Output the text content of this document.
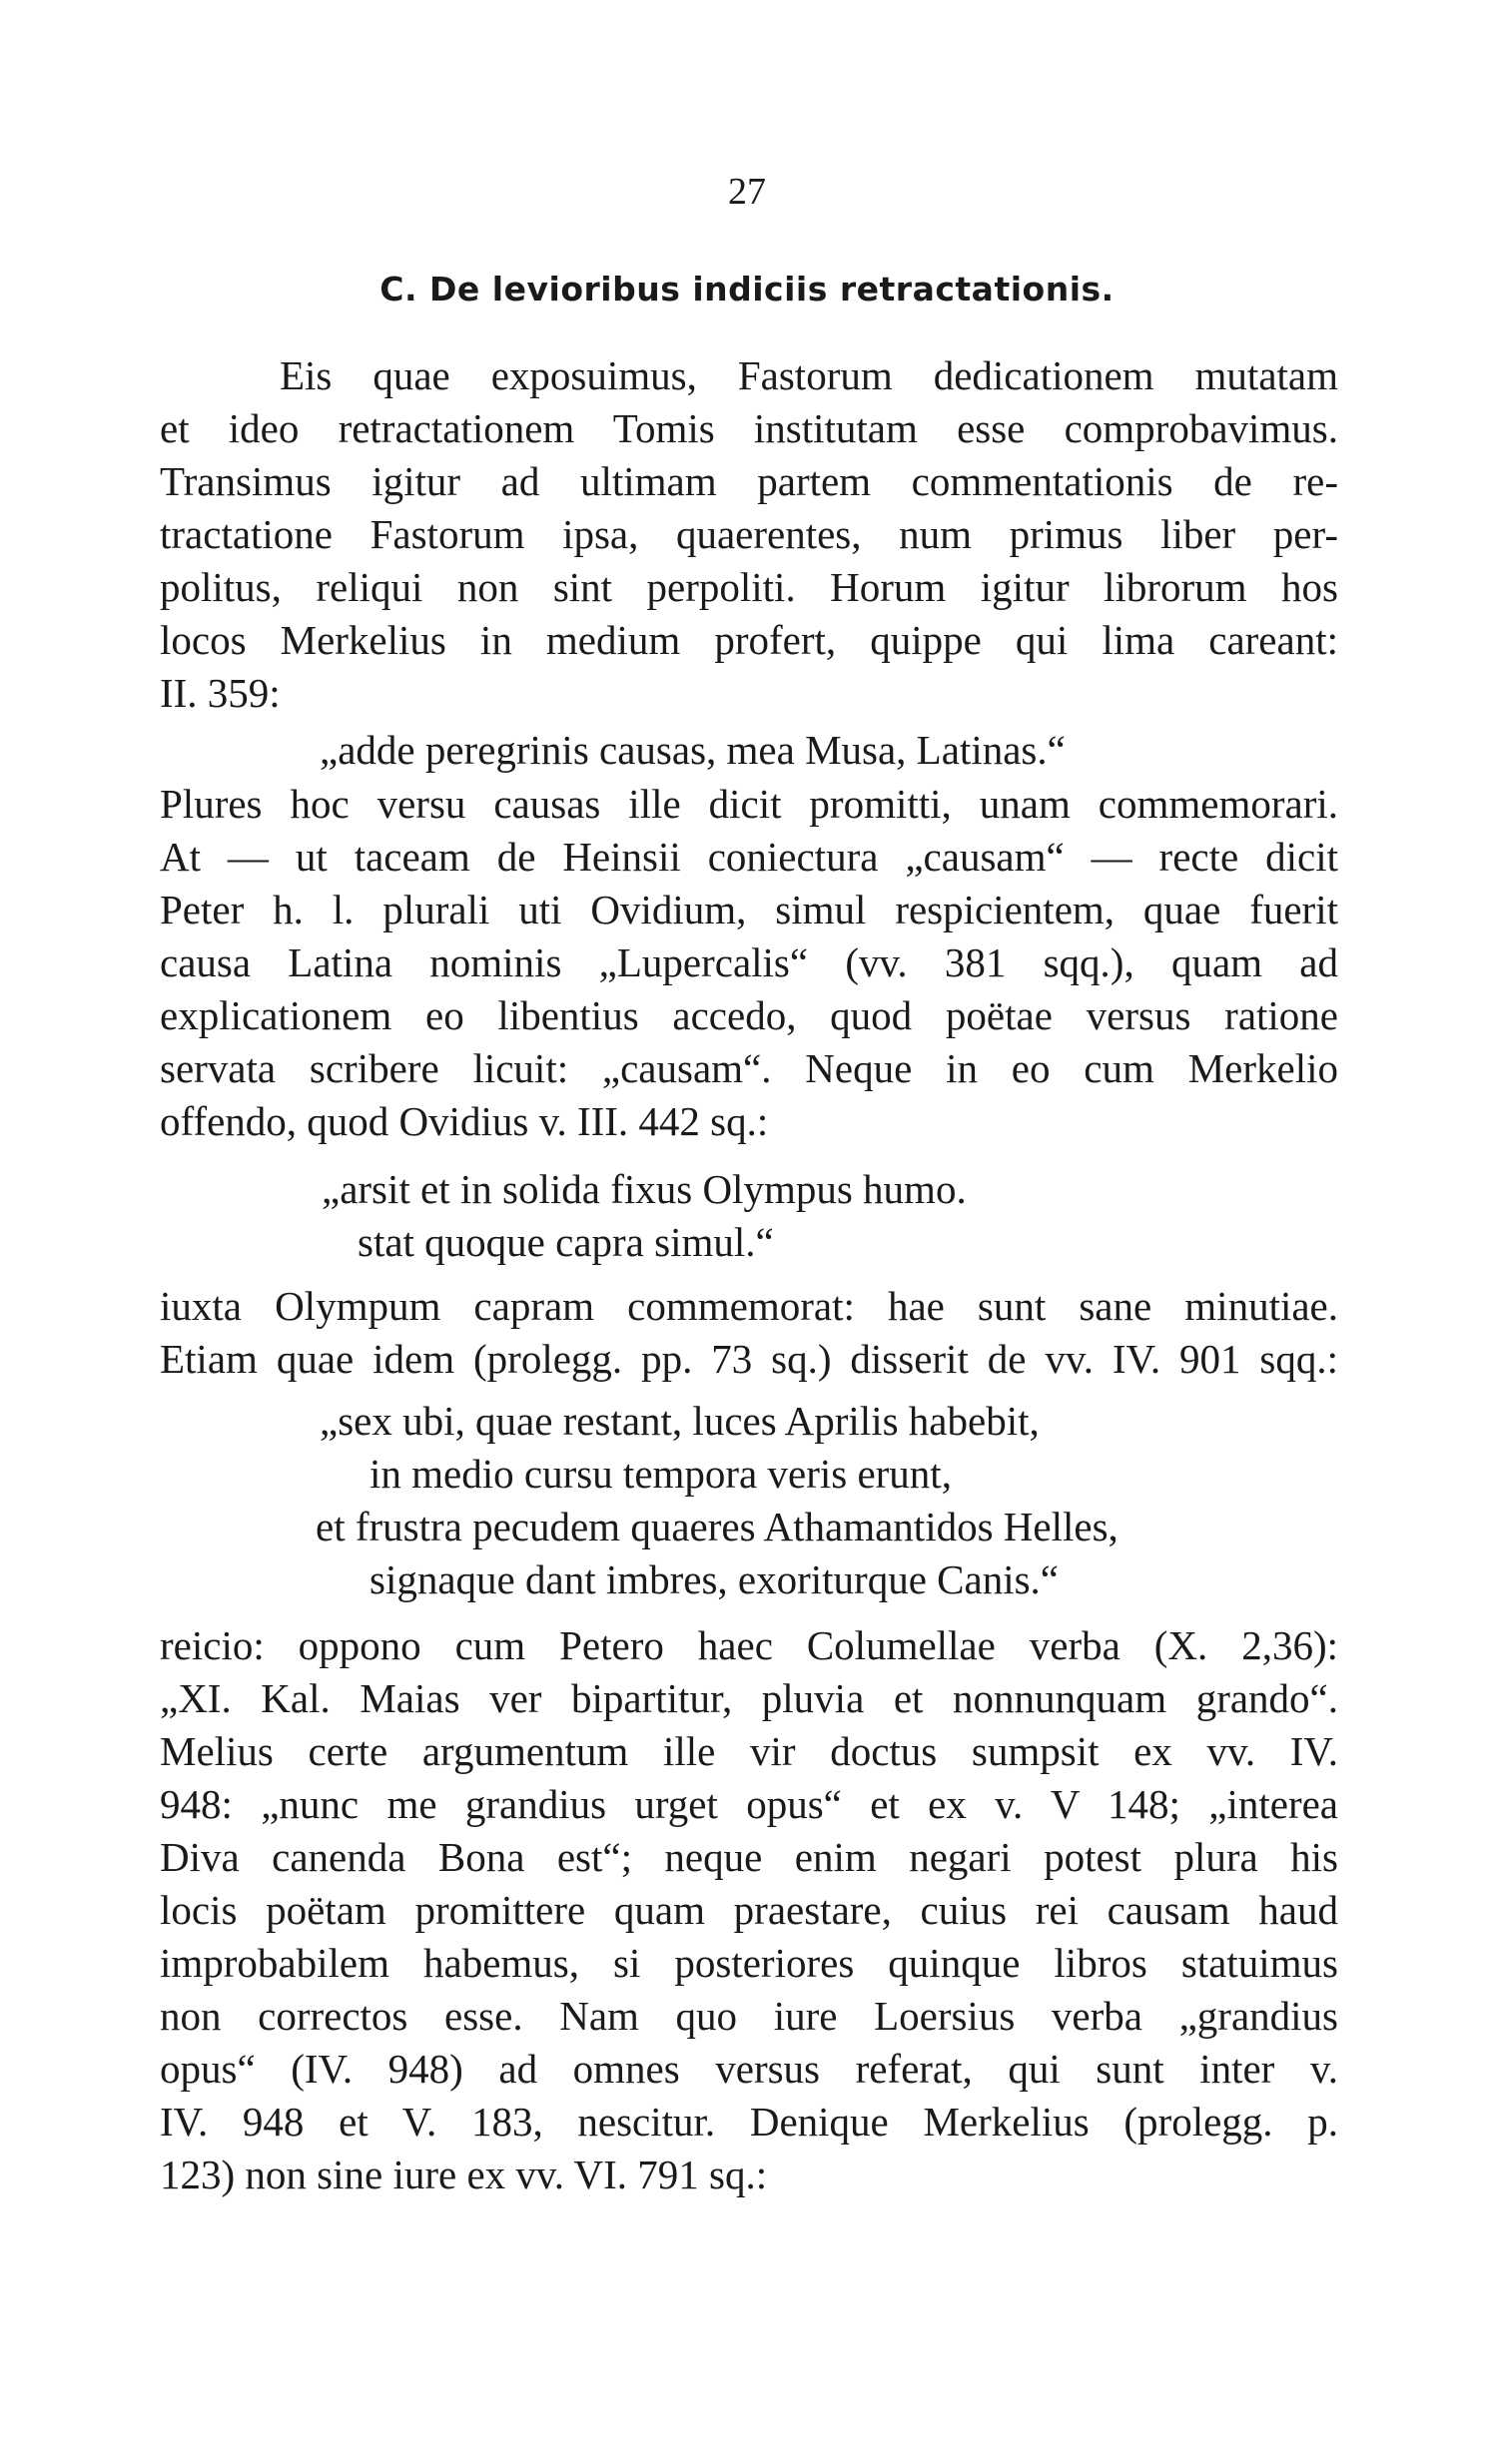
27
C. De levioribus indiciis retractationis.
Eis quae exposuimus, Fastorum dedicationem mutatam
et ideo retractationem Tomis institutam esse comprobavimus.
Transimus igitur ad ultimam partem commentationis de re-
tractatione Fastorum ipsa, quaerentes, num primus liber per-
politus, reliqui non sint perpoliti. Horum igitur librorum hos
locos Merkelius in medium profert, quippe qui lima careant:
II. 359:
„adde peregrinis causas, mea Musa, Latinas.“
Plures hoc versu causas ille dicit promitti, unam commemorari.
At — ut taceam de Heinsii coniectura „causam“ — recte dicit
Peter h. l. plurali uti Ovidium, simul respicientem, quae fuerit
causa Latina nominis „Lupercalis“ (vv. 381 sqq.), quam ad
explicationem eo libentius accedo, quod poëtae versus ratione
servata scribere licuit: „causam“. Neque in eo cum Merkelio
offendo, quod Ovidius v. III. 442 sq.:
„arsit et in solida fixus Olympus humo.
stat quoque capra simul.“
iuxta Olympum capram commemorat: hae sunt sane minutiae.
Etiam quae idem (prolegg. pp. 73 sq.) disserit de vv. IV. 901 sqq.:
„sex ubi, quae restant, luces Aprilis habebit,
in medio cursu tempora veris erunt,
et frustra pecudem quaeres Athamantidos Helles,
signaque dant imbres, exoriturque Canis.“
reicio: oppono cum Petero haec Columellae verba (X. 2,36):
„XI. Kal. Maias ver bipartitur, pluvia et nonnunquam grando“.
Melius certe argumentum ille vir doctus sumpsit ex vv. IV.
948: „nunc me grandius urget opus“ et ex v. V 148; „interea
Diva canenda Bona est“; neque enim negari potest plura his
locis poëtam promittere quam praestare, cuius rei causam haud
improbabilem habemus, si posteriores quinque libros statuimus
non correctos esse. Nam quo iure Loersius verba „grandius
opus“ (IV. 948) ad omnes versus referat, qui sunt inter v.
IV. 948 et V. 183, nescitur. Denique Merkelius (prolegg. p.
123) non sine iure ex vv. VI. 791 sq.:
